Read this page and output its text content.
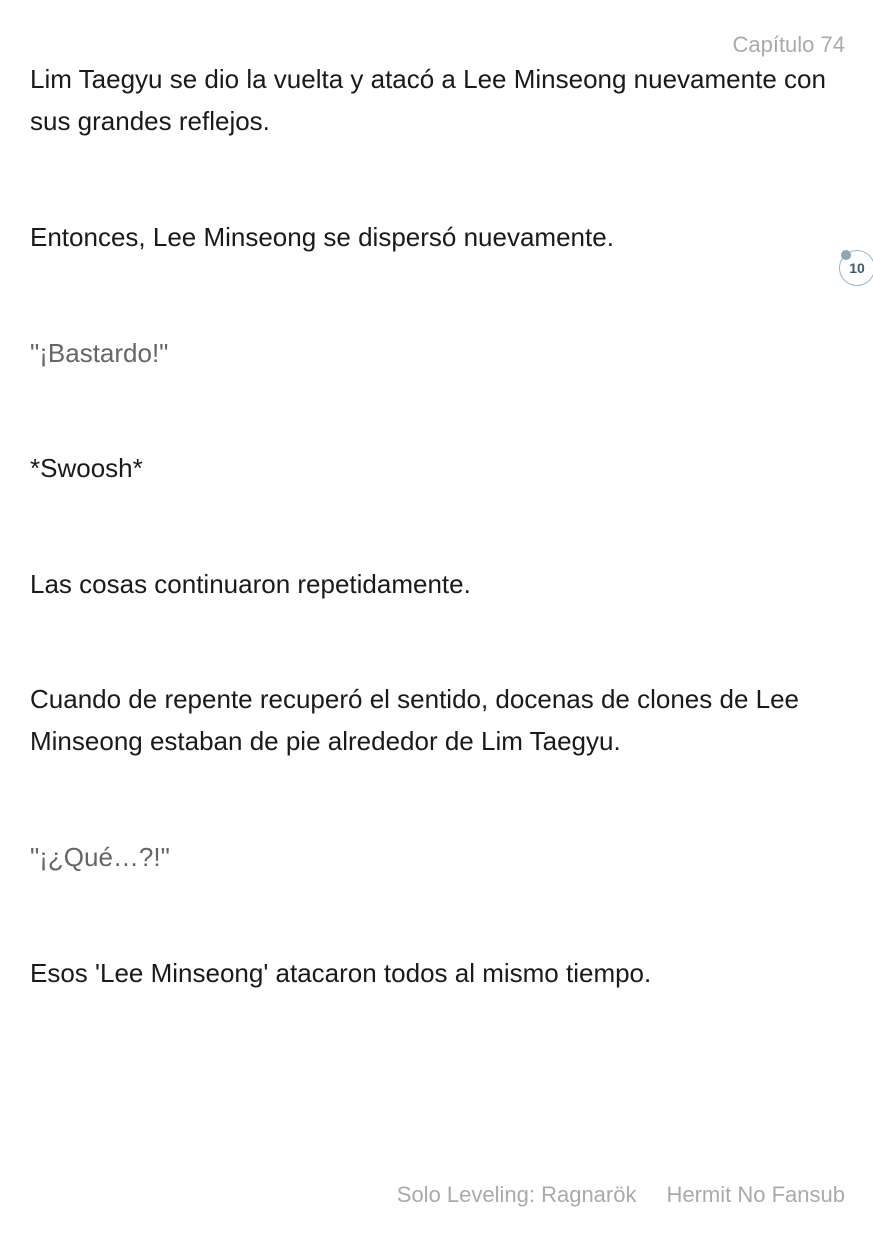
Capítulo 74

Lim Taegyu se dio la vuelta y atacó a Lee Minseong nuevamente con sus grandes reflejos.

Entonces, Lee Minseong se dispersó nuevamente.

"¡Bastardo!"

*Swoosh*

Las cosas continuaron repetidamente.

Cuando de repente recuperó el sentido, docenas de clones de Lee Minseong estaban de pie alrededor de Lim Taegyu.

"¡¿Qué…?!"

Esos 'Lee Minseong' atacaron todos al mismo tiempo.

10
Solo Leveling: Ragnarök Hermit No Fansub
